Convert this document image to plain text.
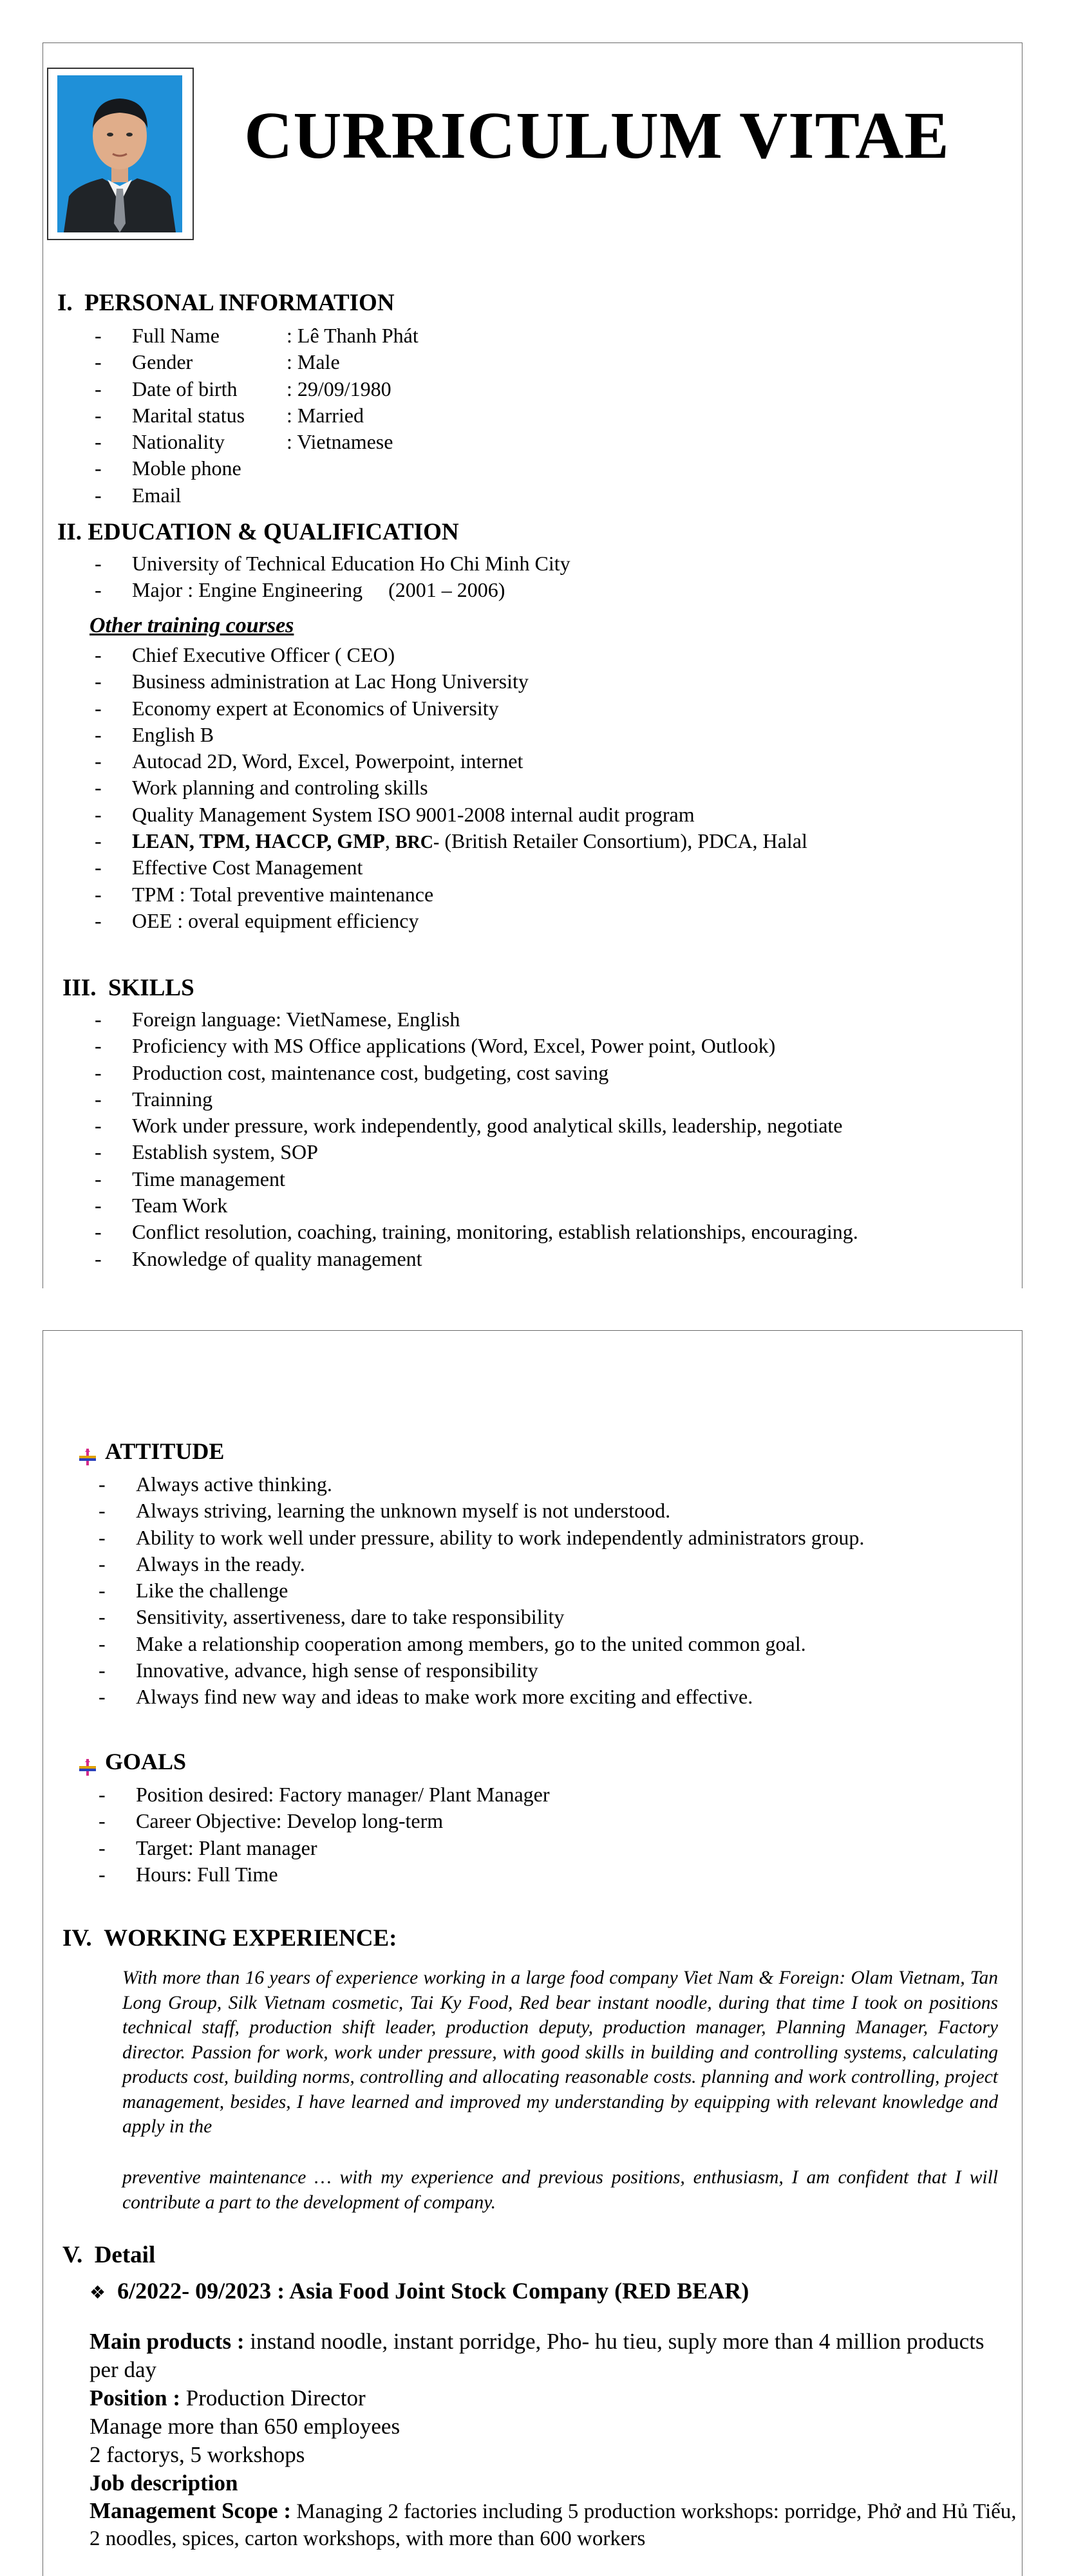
CURRICULUM VITAE
I. PERSONAL INFORMATION
- Full Name	: Lê Thanh Phát
- Gender	: Male
- Date of birth : 29/09/1980
- Marital status : Married
- Nationality	: Vietnamese
- Moble phone
- Email
II. EDUCATION & QUALIFICATION
- University of Technical Education Ho Chi Minh City
- Major : Engine Engineering     (2001 – 2006)
Other training courses
- Chief Executive Officer ( CEO)
- Business administration at Lac Hong University
- Economy expert at Economics of University
- English B
- Autocad 2D, Word, Excel, Powerpoint, internet
- Work planning and controling skills
- Quality Management System ISO 9001-2008 internal audit program
- LEAN, TPM, HACCP, GMP, BRC- (British Retailer Consortium), PDCA, Halal
- Effective Cost Management
- TPM : Total preventive maintenance
- OEE : overal equipment efficiency
III. SKILLS
- Foreign language: VietNamese, English
- Proficiency with MS Office applications (Word, Excel, Power point, Outlook)
- Production cost, maintenance cost, budgeting, cost saving
- Trainning
- Work under pressure, work independently, good analytical skills, leadership, negotiate
- Establish system, SOP
- Time management
- Team Work
- Conflict resolution, coaching, training, monitoring, establish relationships, encouraging.
- Knowledge of quality management
ATTITUDE
- Always active thinking.
- Always striving, learning the unknown myself is not understood.
- Ability to work well under pressure, ability to work independently administrators group.
- Always in the ready.
- Like the challenge
- Sensitivity, assertiveness, dare to take responsibility
- Make a relationship cooperation among members, go to the united common goal.
- Innovative, advance, high sense of responsibility
- Always find new way and ideas to make work more exciting and effective.
GOALS
- Position desired: Factory manager/ Plant Manager
- Career Objective: Develop long-term
- Target: Plant manager
- Hours: Full Time
IV. WORKING EXPERIENCE:
With more than 16 years of experience working in a large food company Viet Nam & Foreign: Olam Vietnam, Tan Long Group, Silk Vietnam cosmetic, Tai Ky Food, Red bear instant noodle, during that time I took on positions technical staff, production shift leader, production deputy, production manager, Planning Manager, Factory director. Passion for work, work under pressure, with good skills in building and controlling systems, calculating products cost, building norms, controlling and allocating reasonable costs. planning and work controlling, project management, besides, I have learned and improved my understanding by equipping with relevant knowledge and apply in the
preventive maintenance … with my experience and previous positions, enthusiasm, I am confident that I will contribute a part to the development of company.
V. Detail
❖ 6/2022- 09/2023 : Asia Food Joint Stock Company (RED BEAR)
Main products : instand noodle, instant porridge, Pho- hu tieu, suply more than 4 million products per day
Position : Production Director
Manage more than 650 employees
2 factorys, 5 workshops
Job description
Management Scope : Managing 2 factories including 5 production workshops: porridge, Phở and Hủ Tiếu, 2 noodles, spices, carton workshops, with more than 600 workers
